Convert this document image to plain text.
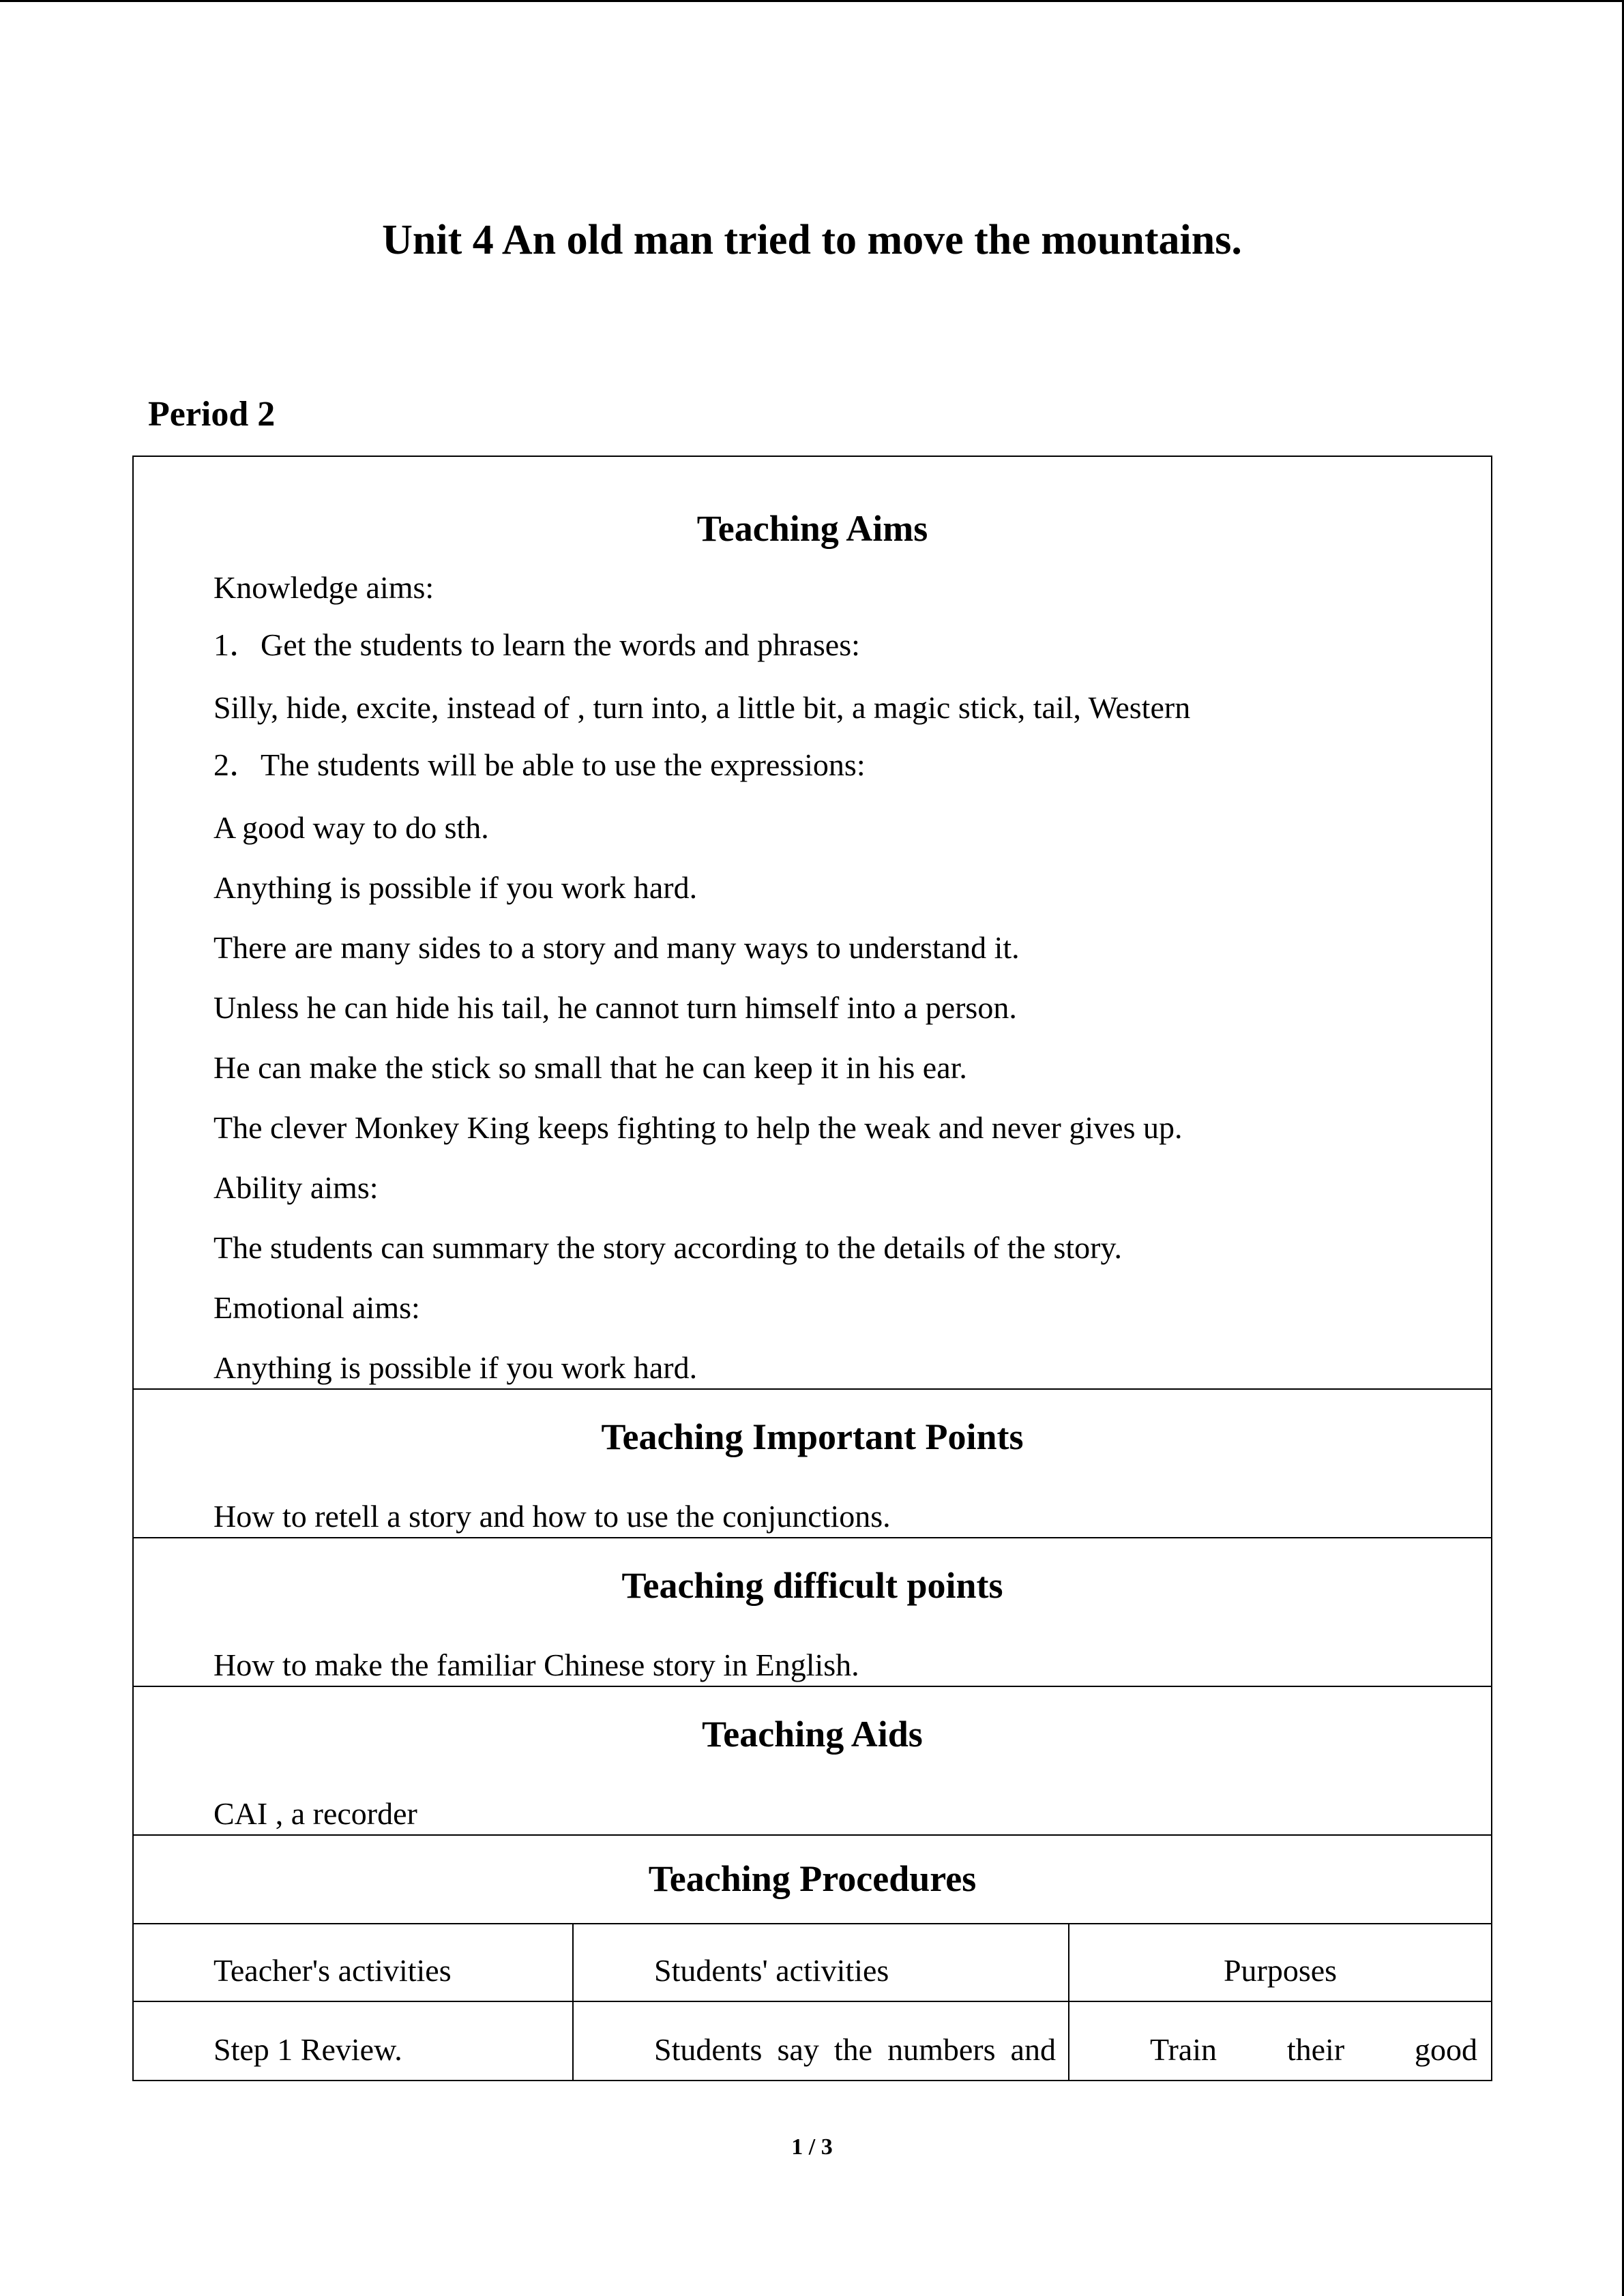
Unit 4 An old man tried to move the mountains.
Period 2
Teaching Aims
Knowledge aims:
1．Get the students to learn the words and phrases:
Silly, hide, excite, instead of , turn into, a little bit, a magic stick, tail, Western
2．The students will be able to use the expressions:
A good way to do sth.
Anything is possible if you work hard.
There are many sides to a story and many ways to understand it.
Unless he can hide his tail, he cannot turn himself into a person.
He can make the stick so small that he can keep it in his ear.
The clever Monkey King keeps fighting to help the weak and never gives up.
Ability aims:
The students can summary the story according to the details of the story.
Emotional aims:
Anything is possible if you work hard.
Teaching Important Points
How to retell a story and how to use the conjunctions.
Teaching difficult points
How to make the familiar Chinese story in English.
Teaching Aids
CAI , a recorder
Teaching Procedures
Teacher's activities	Students' activities	Purposes
Step 1 Review.	Students say the numbers and	Train their good
1 / 3
